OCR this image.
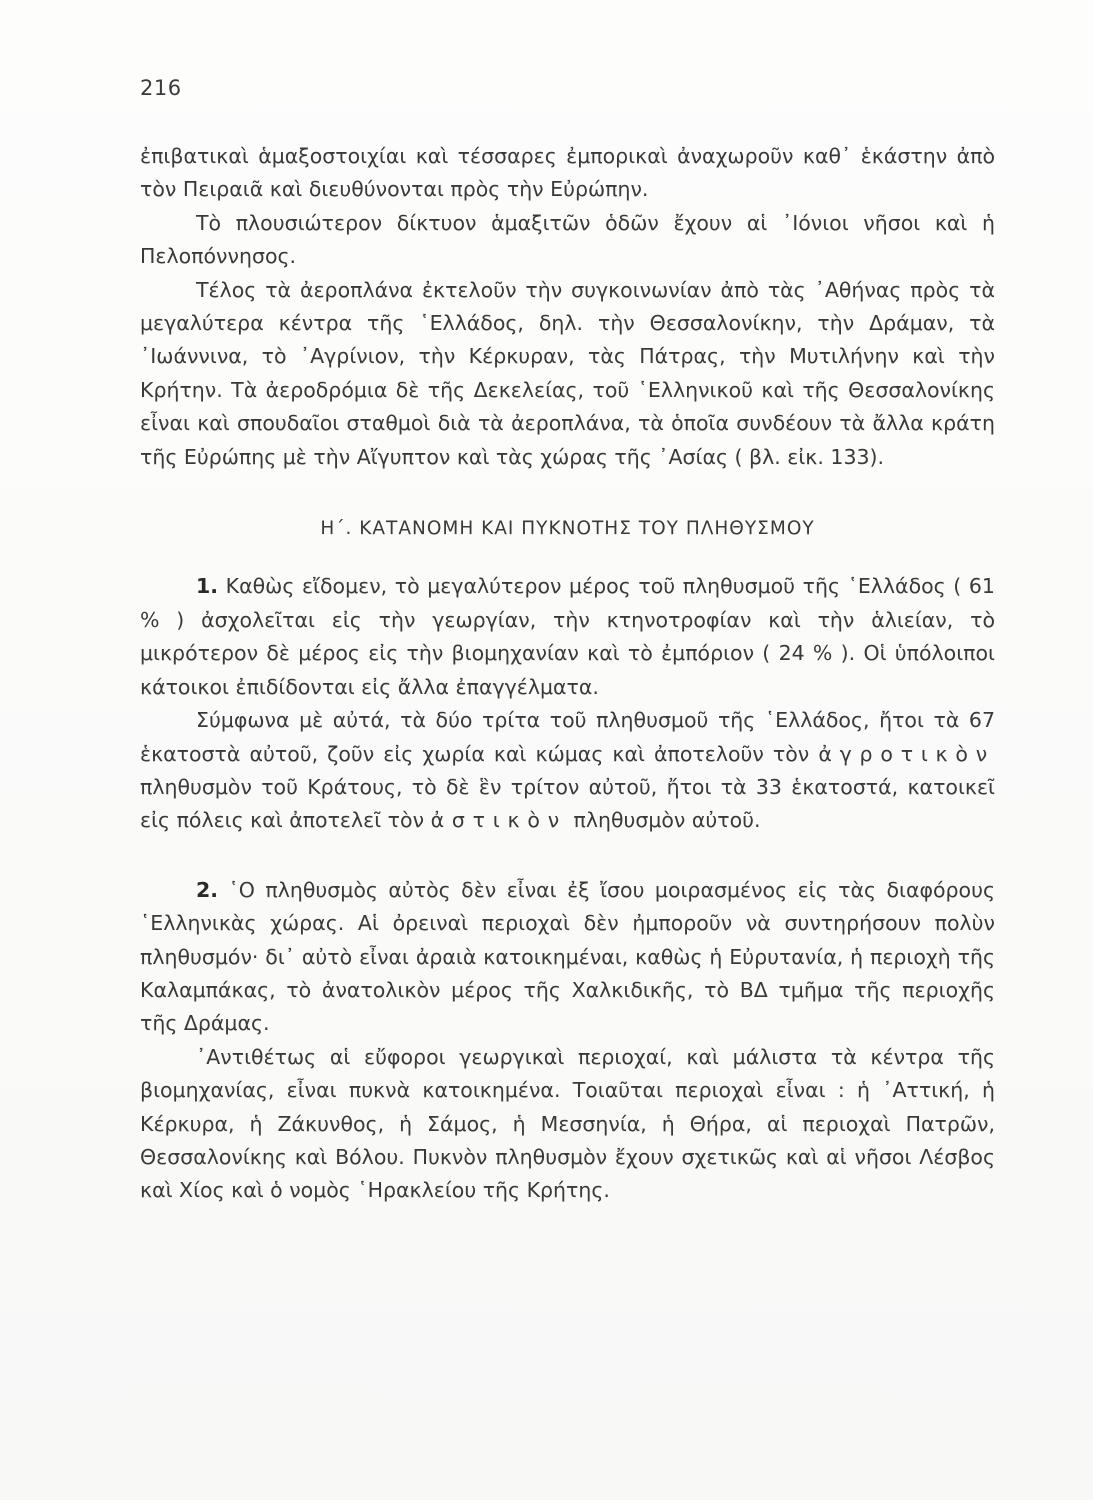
216

ἐπιβατικαὶ ἁμαξοστοιχίαι καὶ τέσσαρες ἐμπορικαὶ ἀναχωροῦν καθ᾿ ἑκάστην ἀπὸ τὸν Πειραιᾶ καὶ διευθύνονται πρὸς τὴν Εὐρώπην.

Τὸ πλουσιώτερον δίκτυον ἁμαξιτῶν ὁδῶν ἔχουν αἱ ᾿Ιόνιοι νῆσοι καὶ ἡ Πελοπόννησος.

Τέλος τὰ ἀεροπλάνα ἐκτελοῦν τὴν συγκοινωνίαν ἀπὸ τὰς ᾿Αθήνας πρὸς τὰ μεγαλύτερα κέντρα τῆς ῾Ελλάδος, δηλ. τὴν Θεσσαλονίκην, τὴν Δράμαν, τὰ ᾿Ιωάννινα, τὸ ᾿Αγρίνιον, τὴν Κέρκυραν, τὰς Πάτρας, τὴν Μυτιλήνην καὶ τὴν Κρήτην. Τὰ ἀεροδρόμια δὲ τῆς Δεκελείας, τοῦ ῾Ελληνικοῦ καὶ τῆς Θεσσαλονίκης εἶναι καὶ σπουδαῖοι σταθμοὶ διὰ τὰ ἀεροπλάνα, τὰ ὁποῖα συνδέουν τὰ ἄλλα κράτη τῆς Εὐρώπης μὲ τὴν Αἴγυπτον καὶ τὰς χώρας τῆς ᾿Ασίας ( βλ. εἰκ. 133).

Η΄. ΚΑΤΑΝΟΜΗ ΚΑΙ ΠΥΚΝΟΤΗΣ ΤΟΥ ΠΛΗΘΥΣΜΟΥ

1. Καθὼς εἴδομεν, τὸ μεγαλύτερον μέρος τοῦ πληθυσμοῦ τῆς ῾Ελλάδος ( 61 % ) ἀσχολεῖται εἰς τὴν γεωργίαν, τὴν κτηνοτροφίαν καὶ τὴν ἁλιείαν, τὸ μικρότερον δὲ μέρος εἰς τὴν βιομηχανίαν καὶ τὸ ἐμπόριον ( 24 % ). Οἱ ὑπόλοιποι κάτοικοι ἐπιδίδονται εἰς ἄλλα ἐπαγγέλματα.

Σύμφωνα μὲ αὐτά, τὰ δύο τρίτα τοῦ πληθυσμοῦ τῆς ῾Ελλάδος, ἤτοι τὰ 67 ἑκατοστὰ αὐτοῦ, ζοῦν εἰς χωρία καὶ κώμας καὶ ἀποτελοῦν τὸν ἀγροτικὸν πληθυσμὸν τοῦ Κράτους, τὸ δὲ ἓν τρίτον αὐτοῦ, ἤτοι τὰ 33 ἑκατοστά, κατοικεῖ εἰς πόλεις καὶ ἀποτελεῖ τὸν ἀστικὸν πληθυσμὸν αὐτοῦ.

2. ῾Ο πληθυσμὸς αὐτὸς δὲν εἶναι ἐξ ἴσου μοιρασμένος εἰς τὰς διαφόρους ῾Ελληνικὰς χώρας. Αἱ ὀρειναὶ περιοχαὶ δὲν ἠμποροῦν νὰ συντηρήσουν πολὺν πληθυσμόν· δι᾿ αὐτὸ εἶναι ἀραιὰ κατοικημέναι, καθὼς ἡ Εὐρυτανία, ἡ περιοχὴ τῆς Καλαμπάκας, τὸ ἀνατολικὸν μέρος τῆς Χαλκιδικῆς, τὸ ΒΔ τμῆμα τῆς περιοχῆς τῆς Δράμας.

᾿Αντιθέτως αἱ εὔφοροι γεωργικαὶ περιοχαί, καὶ μάλιστα τὰ κέντρα τῆς βιομηχανίας, εἶναι πυκνὰ κατοικημένα. Τοιαῦται περιοχαὶ εἶναι : ἡ ᾿Αττική, ἡ Κέρκυρα, ἡ Ζάκυνθος, ἡ Σάμος, ἡ Μεσσηνία, ἡ Θήρα, αἱ περιοχαὶ Πατρῶν, Θεσσαλονίκης καὶ Βόλου. Πυκνὸν πληθυσμὸν ἔχουν σχετικῶς καὶ αἱ νῆσοι Λέσβος καὶ Χίος καὶ ὁ νομὸς ῾Ηρακλείου τῆς Κρήτης.
